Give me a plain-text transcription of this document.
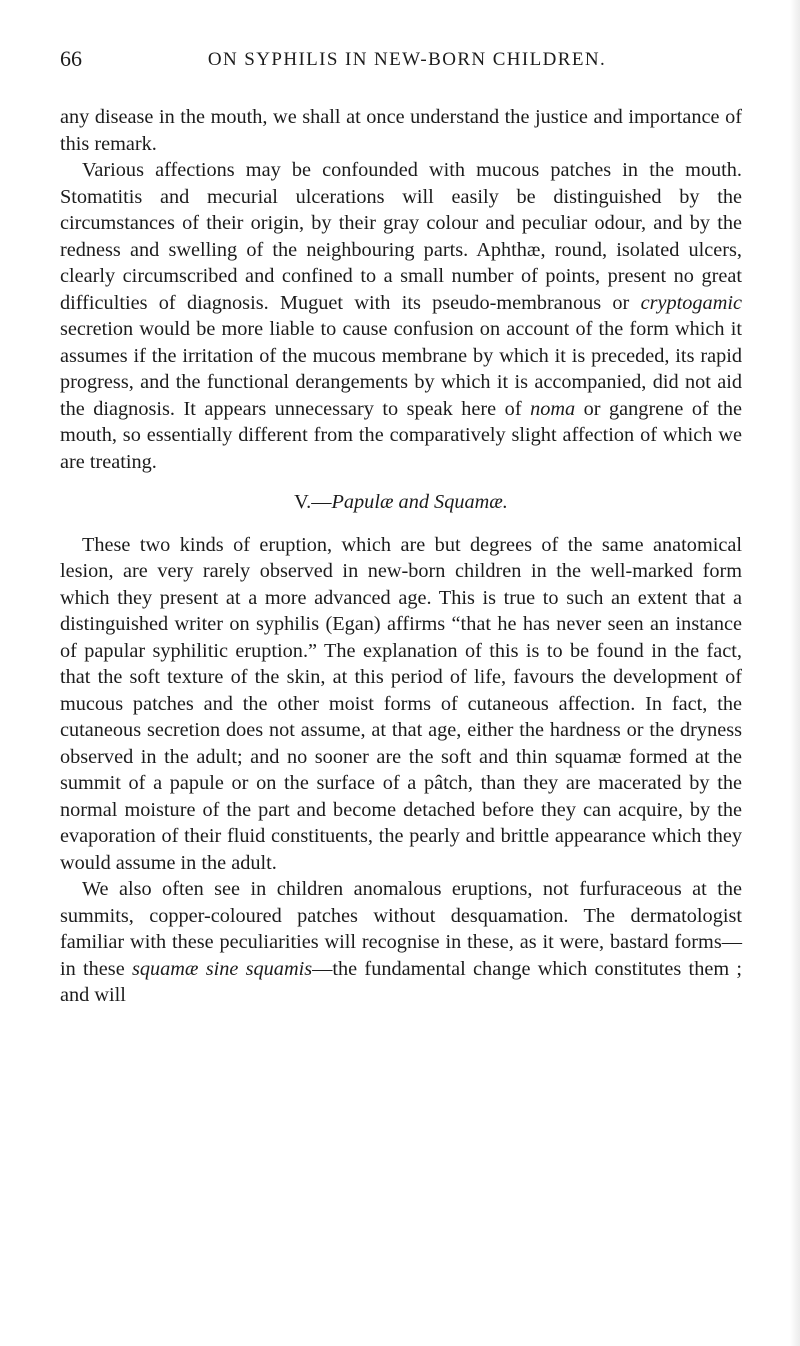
66	ON SYPHILIS IN NEW-BORN CHILDREN.

any disease in the mouth, we shall at once understand the justice and importance of this remark.

Various affections may be confounded with mucous patches in the mouth. Stomatitis and mecurial ulcerations will easily be distinguished by the circumstances of their origin, by their gray colour and peculiar odour, and by the redness and swelling of the neighbouring parts. Aphthæ, round, isolated ulcers, clearly circumscribed and confined to a small number of points, present no great difficulties of diagnosis. Muguet with its pseudo-membranous or cryptogamic secretion would be more liable to cause confusion on account of the form which it assumes if the irritation of the mucous membrane by which it is preceded, its rapid progress, and the functional derangements by which it is accompanied, did not aid the diagnosis. It appears unnecessary to speak here of noma or gangrene of the mouth, so essentially different from the comparatively slight affection of which we are treating.

V.—Papulæ and Squamæ.

These two kinds of eruption, which are but degrees of the same anatomical lesion, are very rarely observed in new-born children in the well-marked form which they present at a more advanced age. This is true to such an extent that a distinguished writer on syphilis (Egan) affirms “that he has never seen an instance of papular syphilitic eruption.” The explanation of this is to be found in the fact, that the soft texture of the skin, at this period of life, favours the development of mucous patches and the other moist forms of cutaneous affection. In fact, the cutaneous secretion does not assume, at that age, either the hardness or the dryness observed in the adult; and no sooner are the soft and thin squamæ formed at the summit of a papule or on the surface of a pâtch, than they are macerated by the normal moisture of the part and become detached before they can acquire, by the evaporation of their fluid constituents, the pearly and brittle appearance which they would assume in the adult.

We also often see in children anomalous eruptions, not furfuraceous at the summits, copper-coloured patches without desquamation. The dermatologist familiar with these peculiarities will recognise in these, as it were, bastard forms—in these squamæ sine squamis—the fundamental change which constitutes them ; and will
